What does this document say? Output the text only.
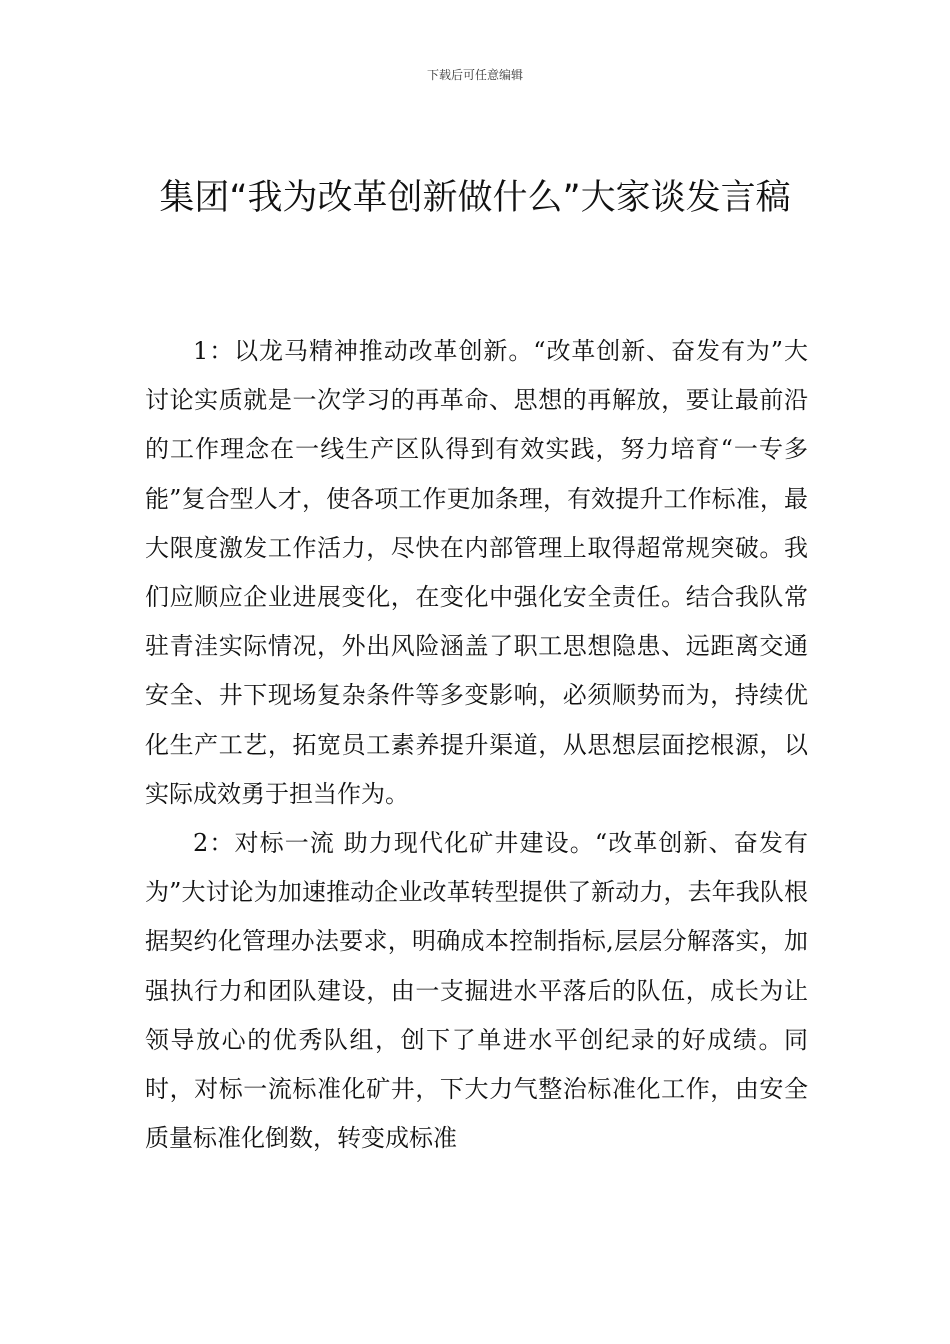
下载后可任意编辑
集团“我为改革创新做什么”大家谈发言稿

1：以龙马精神推动改革创新。“改革创新、奋发有为”大讨论实质就是一次学习的再革命、思想的再解放，要让最前沿的工作理念在一线生产区队得到有效实践，努力培育“一专多能”复合型人才，使各项工作更加条理，有效提升工作标准，最大限度激发工作活力，尽快在内部管理上取得超常规突破。我们应顺应企业进展变化，在变化中强化安全责任。结合我队常驻青洼实际情况，外出风险涵盖了职工思想隐患、远距离交通安全、井下现场复杂条件等多变影响，必须顺势而为，持续优化生产工艺，拓宽员工素养提升渠道，从思想层面挖根源，以实际成效勇于担当作为。

2：对标一流 助力现代化矿井建设。“改革创新、奋发有为”大讨论为加速推动企业改革转型提供了新动力，去年我队根据契约化管理办法要求，明确成本控制指标,层层分解落实，加强执行力和团队建设，由一支掘进水平落后的队伍，成长为让领导放心的优秀队组，创下了单进水平创纪录的好成绩。同时，对标一流标准化矿井，下大力气整治标准化工作，由安全质量标准化倒数，转变成标准
